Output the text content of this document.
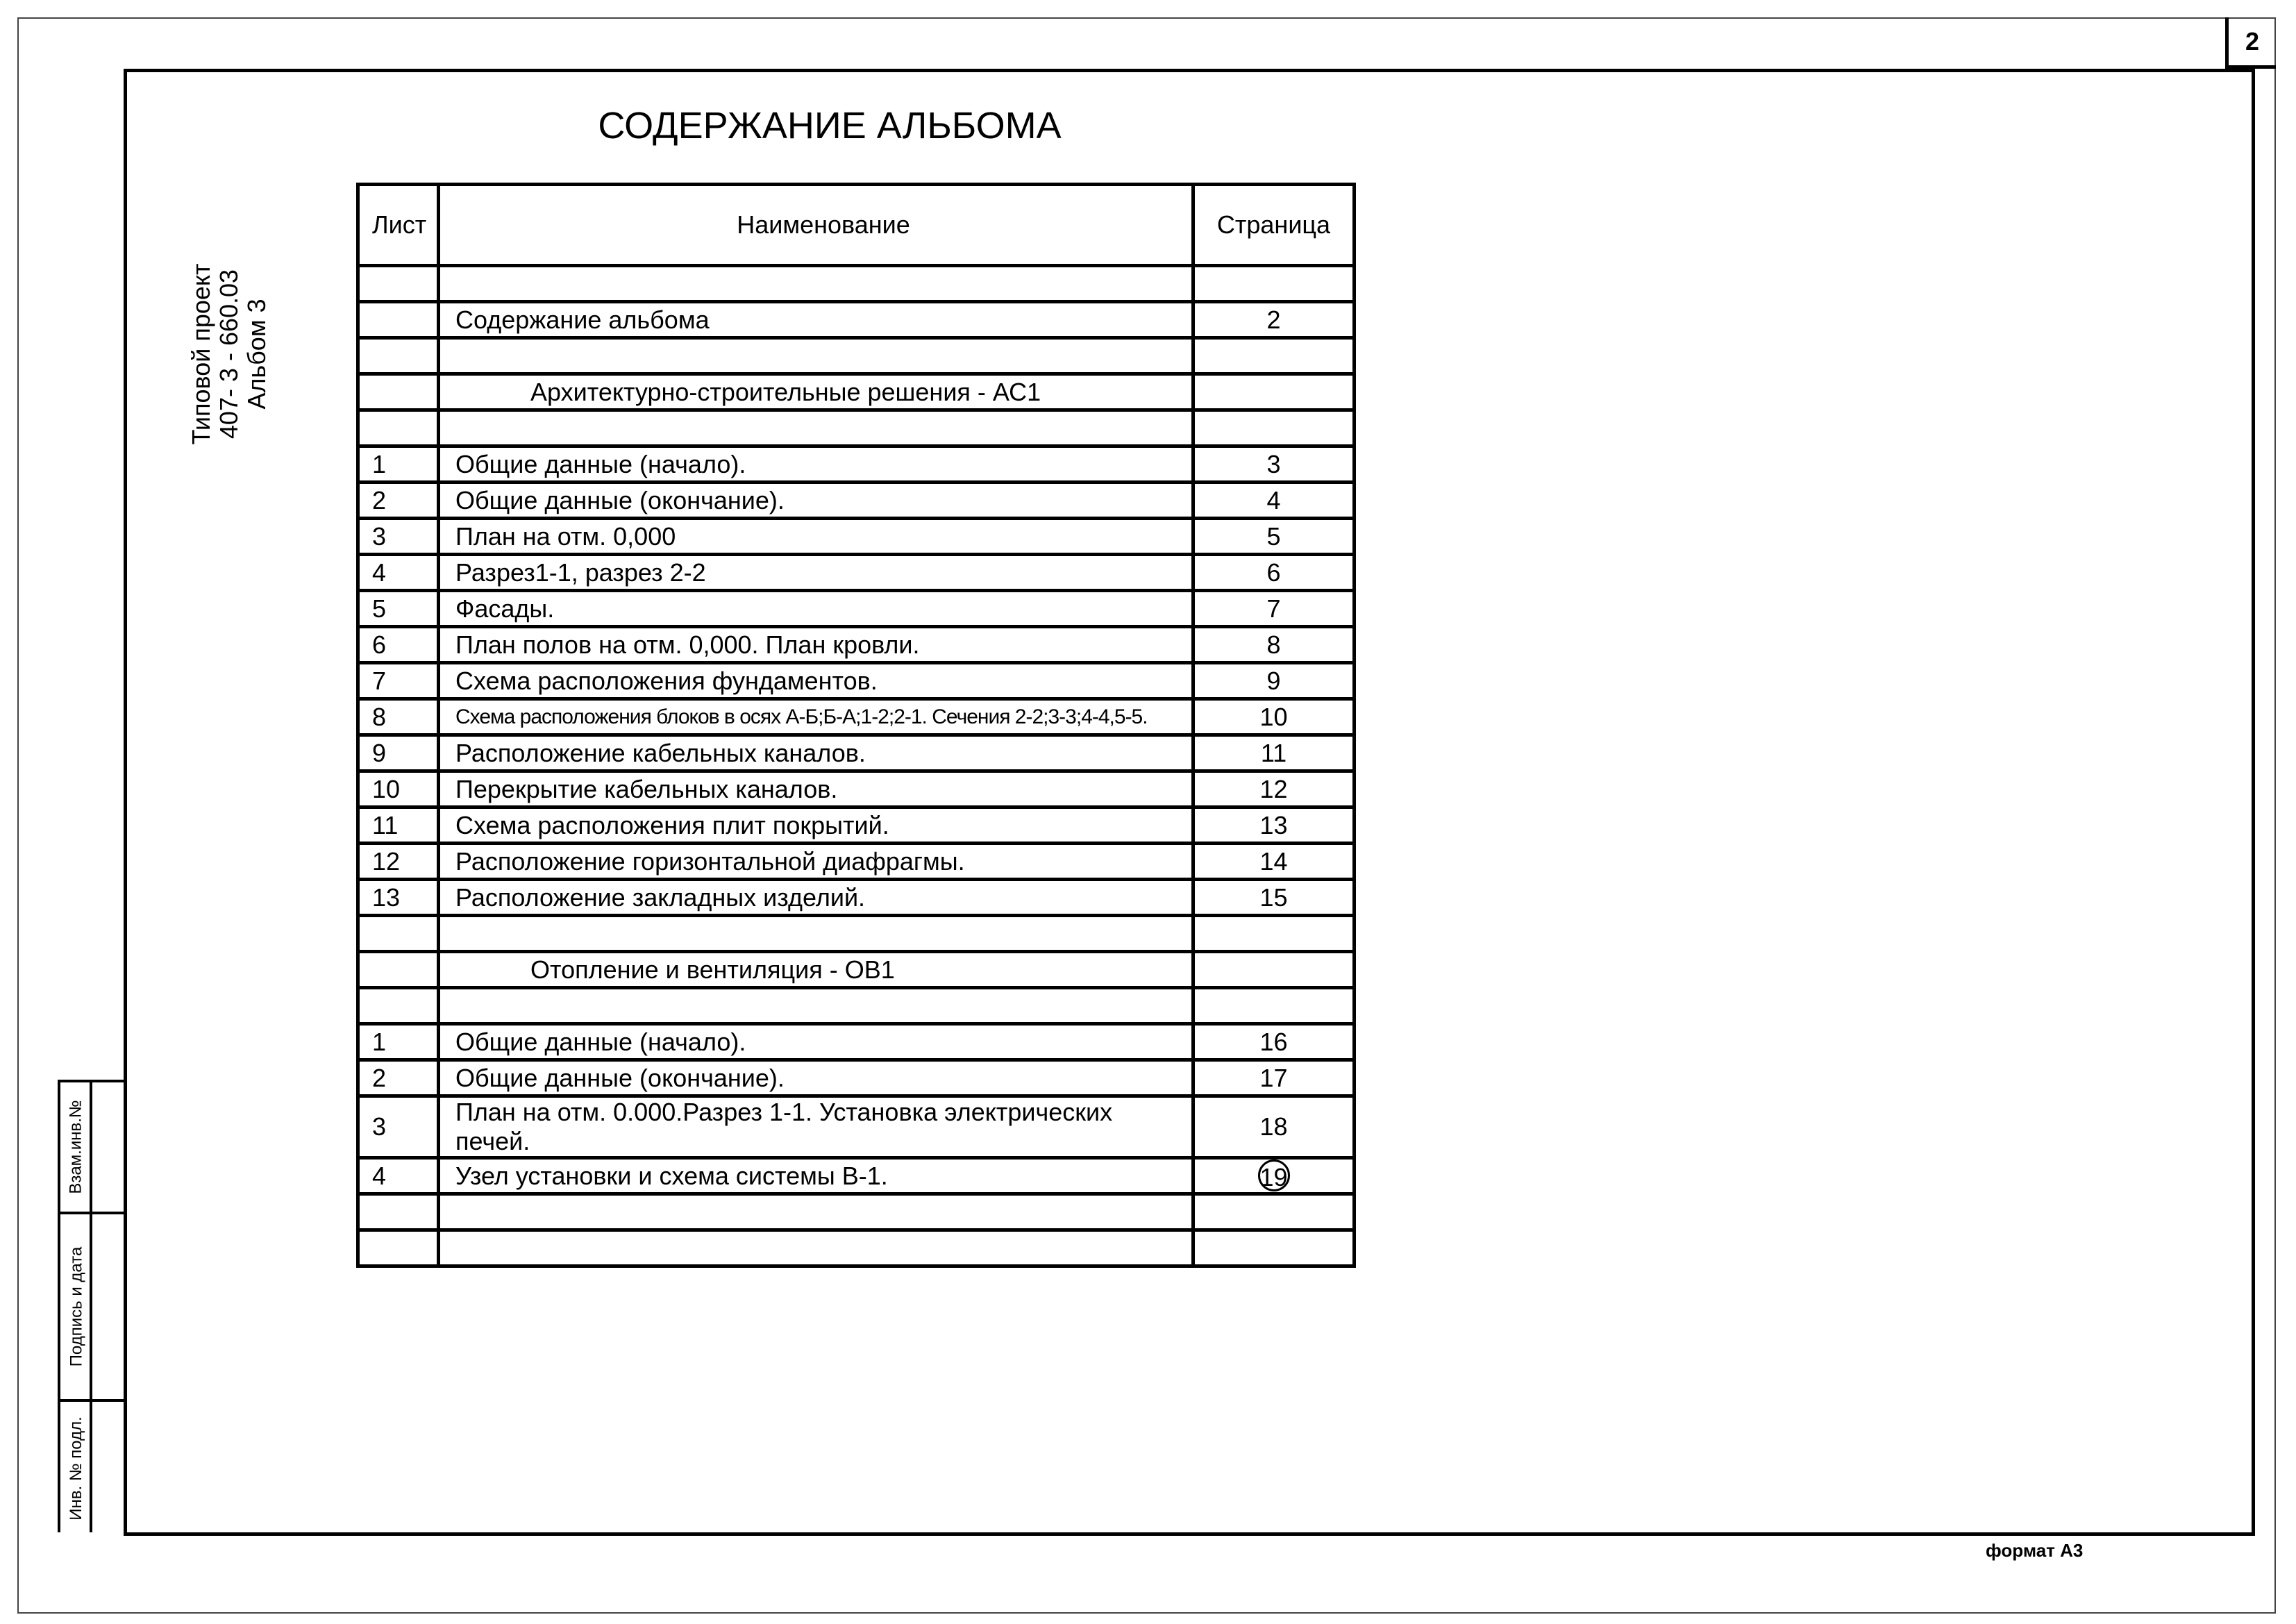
2
Типовой проект 407- 3 - 660.03 Альбом 3
Взам.инв.№
Подпись и дата
Инв. № подл.
СОДЕРЖАНИЕ АЛЬБОМА
Лист	Наименование	Страница

	Содержание альбома	2

	Архитектурно-строительные решения - АС1	

1	Общие данные (начало).	3
2	Общие данные (окончание).	4
3	План на отм. 0,000	5
4	Разрез1-1, разрез 2-2	6
5	Фасады.	7
6	План полов на отм. 0,000. План кровли.	8
7	Схема расположения фундаментов.	9
8	Схема расположения блоков в осях А-Б;Б-А;1-2;2-1. Сечения 2-2;3-3;4-4,5-5.	10
9	Расположение кабельных каналов.	11
10	Перекрытие кабельных каналов.	12
11	Схема расположения плит покрытий.	13
12	Расположение горизонтальной диафрагмы.	14
13	Расположение закладных изделий.	15

	Отопление и вентиляция - ОВ1	

1	Общие данные (начало).	16
2	Общие данные (окончание).	17
3	План на отм. 0.000.Разрез 1-1. Установка электрических печей.	18
4	Узел установки и схема системы В-1.	19

формат А3
